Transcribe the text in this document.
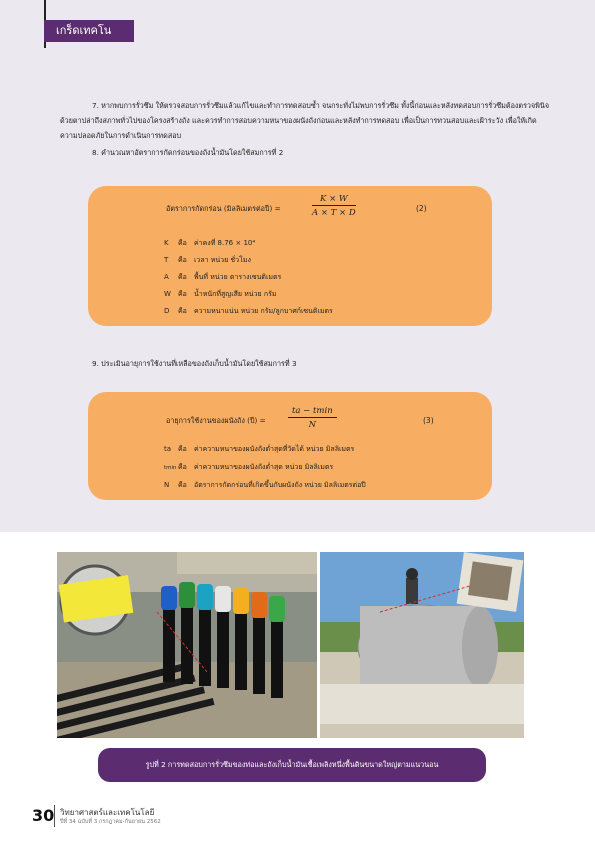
เกร็ดเทคโน
7. หากพบการรั่วซึม ให้ตรวจสอบการรั่วซึมแล้วแก้ไขและทำการทดสอบซ้ำ จนกระทั่งไม่พบการรั่วซึม ทั้งนี้ก่อนและหลังทดสอบการรั่วซึมต้องตรวจพินิจด้วยตาปล่าถึงสภาพทั่วไปของโครงสร้างถัง และควรทำการสอบความหนาของผนังถังก่อนและหลังทำการทดสอบ เพื่อเป็นการทวนสอบและเฝ้าระวัง เพื่อให้เกิดความปลอดภัยในการดำเนินการทดสอบ
8. คำนวณหาอัตราการกัดกร่อนของถังน้ำมันโดยใช้สมการที่ 2
อัตราการกัดกร่อน (มิลลิเมตรต่อปี) =	$\frac{K \times W}{A \times T \times D}$	(2)
K คือ ค่าคงที่ 8.76 × 10⁴
T คือ เวลา หน่วย ชั่วโมง
A คือ พื้นที่ หน่วย ตารางเซนติเมตร
W คือ น้ำหนักที่สูญเสีย หน่วย กรัม
D คือ ความหนาแน่น หน่วย กรัม/ลูกบาศก์เซนติเมตร
9. ประเมินอายุการใช้งานที่เหลือของถังเก็บน้ำมันโดยใช้สมการที่ 3
อายุการใช้งานของผนังถัง (ปี) =
ta − tmin
N	(3)
ta คือ ค่าความหนาของผนังถังต่ำสุดที่วัดได้ หน่วย มิลลิเมตร
tminคือ ค่าความหนาของผนังถังต่ำสุด หน่วย มิลลิเมตร
N คือ อัตราการกัดกร่อนที่เกิดขึ้นกับผนังถัง หน่วย มิลลิเมตรต่อปี
รูปที่ 2 การทดสอบการรั่วซึมของท่อและถังเก็บน้ำมันเชื้อเพลิงหนึ่งพื้นดินขนาดใหญ่ตามแนวนอน
30 วิทยาศาสตร์และเทคโนโลยี
ปีที่ 34 ฉบับที่ 3 กรกฎาคม-กันยายน 2562
